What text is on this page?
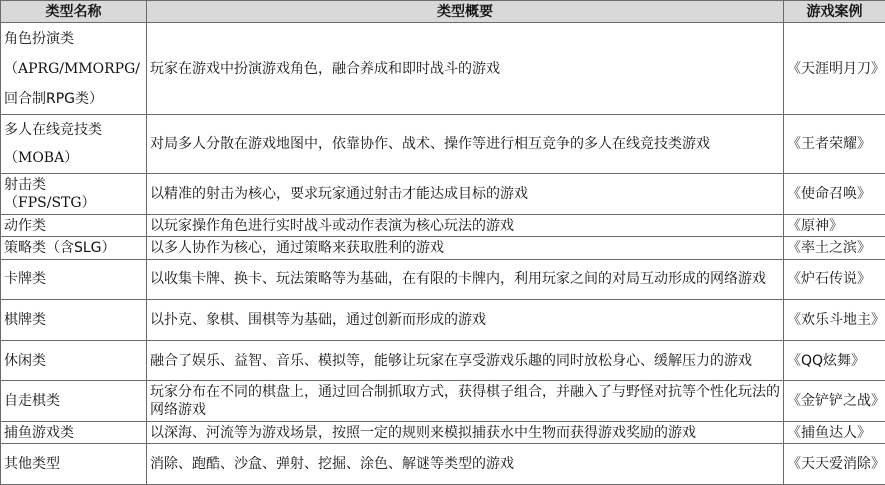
类型名称	类型概要	游戏案例

角色扮演类
（APRG/MMORPG/
回合制RPG类）	玩家在游戏中扮演游戏角色，融合养成和即时战斗的游戏	《天涯明月刀》

多人在线竞技类
（MOBA）	对局多人分散在游戏地图中，依靠协作、战术、操作等进行相互竞争的多人在线竞技类游戏	《王者荣耀》

射击类
（FPS/STG）	以精准的射击为核心，要求玩家通过射击才能达成目标的游戏	《使命召唤》
动作类	以玩家操作角色进行实时战斗或动作表演为核心玩法的游戏	《原神》
策略类（含SLG）	以多人协作为核心，通过策略来获取胜利的游戏	《率土之滨》
卡牌类	以收集卡牌、换卡、玩法策略等为基础，在有限的卡牌内，利用玩家之间的对局互动形成的网络游戏	《炉石传说》
棋牌类	以扑克、象棋、围棋等为基础，通过创新而形成的游戏	《欢乐斗地主》
休闲类	融合了娱乐、益智、音乐、模拟等，能够让玩家在享受游戏乐趣的同时放松身心、缓解压力的游戏	《QQ炫舞》
自走棋类	玩家分布在不同的棋盘上，通过回合制抓取方式，获得棋子组合，并融入了与野怪对抗等个性化玩法的网络游戏	《金铲铲之战》
捕鱼游戏类	以深海、河流等为游戏场景，按照一定的规则来模拟捕获水中生物而获得游戏奖励的游戏	《捕鱼达人》
其他类型	消除、跑酷、沙盒、弹射、挖掘、涂色、解谜等类型的游戏	《天天爱消除》
